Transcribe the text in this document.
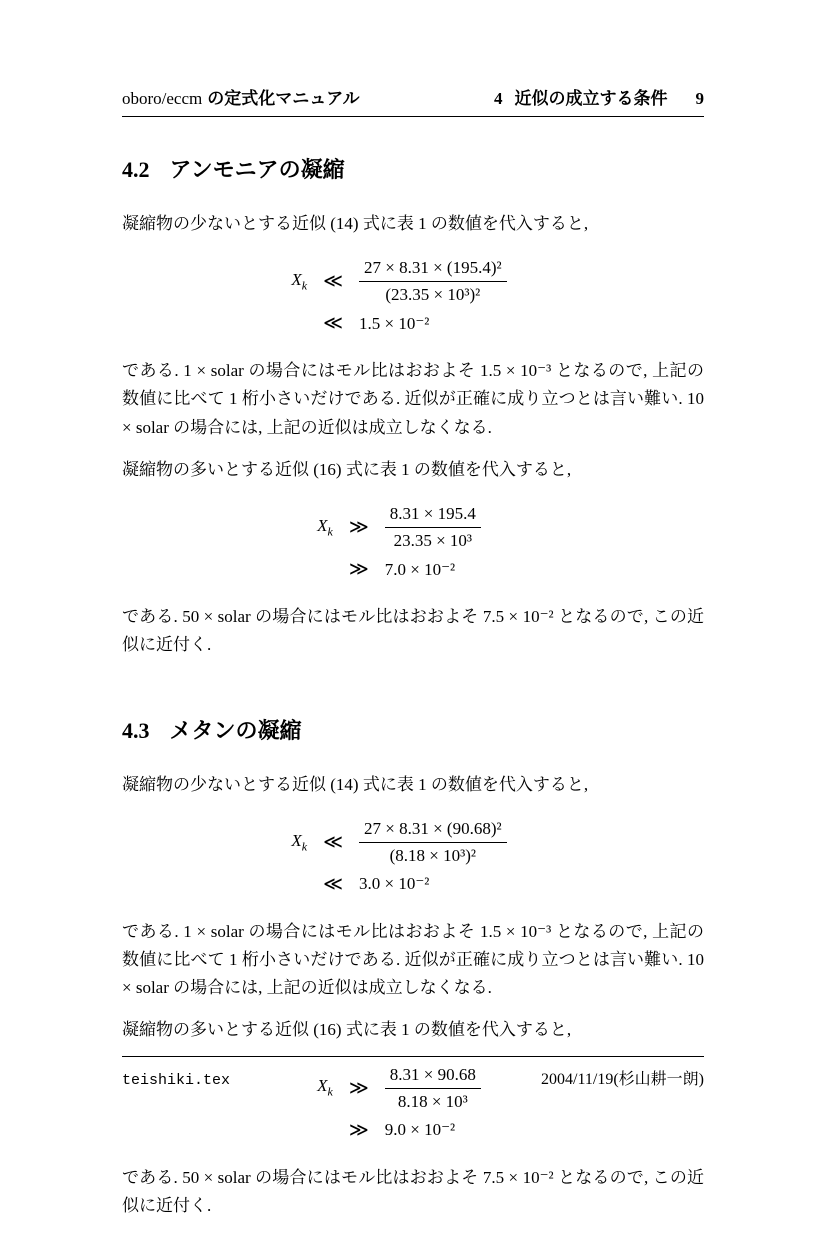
oboro/eccm の定式化マニュアル	4 近似の成立する条件 9
4.2 アンモニアの凝縮

凝縮物の少ないとする近似 (14) 式に表 1 の数値を代入すると,

$X_k$ ≪ $\frac{\text{27 × 8.31 × (195.4)²}}{\text{(23.35 × 10³)²}}$
≪ 1.5 × 10⁻²

である. 1 × solar の場合にはモル比はおおよそ 1.5 × 10⁻³ となるので, 上記の数値に比べて 1 桁小さいだけである. 近似が正確に成り立つとは言い難い. 10 × solar の場合には, 上記の近似は成立しなくなる.

凝縮物の多いとする近似 (16) 式に表 1 の数値を代入すると,

$X_k$ ≫ $\frac{8.31 \times 195.4}{\text{23.35 × 10³}}$
≫ 7.0 × 10⁻²

である. 50 × solar の場合にはモル比はおおよそ 7.5 × 10⁻² となるので, この近似に近付く.

4.3 メタンの凝縮

凝縮物の少ないとする近似 (14) 式に表 1 の数値を代入すると,

$X_k$ ≪ $\frac{\text{27 × 8.31 × (90.68)²}}{\text{(8.18 × 10³)²}}$
≪ 3.0 × 10⁻²

である. 1 × solar の場合にはモル比はおおよそ 1.5 × 10⁻³ となるので, 上記の数値に比べて 1 桁小さいだけである. 近似が正確に成り立つとは言い難い. 10 × solar の場合には, 上記の近似は成立しなくなる.

凝縮物の多いとする近似 (16) 式に表 1 の数値を代入すると,

$X_k$ ≫ $\frac{8.31 \times 90.68}{\text{8.18 × 10³}}$
≫ 9.0 × 10⁻²

である. 50 × solar の場合にはモル比はおおよそ 7.5 × 10⁻² となるので, この近似に近付く.

teishiki.tex	2004/11/19(杉山耕一朗)
